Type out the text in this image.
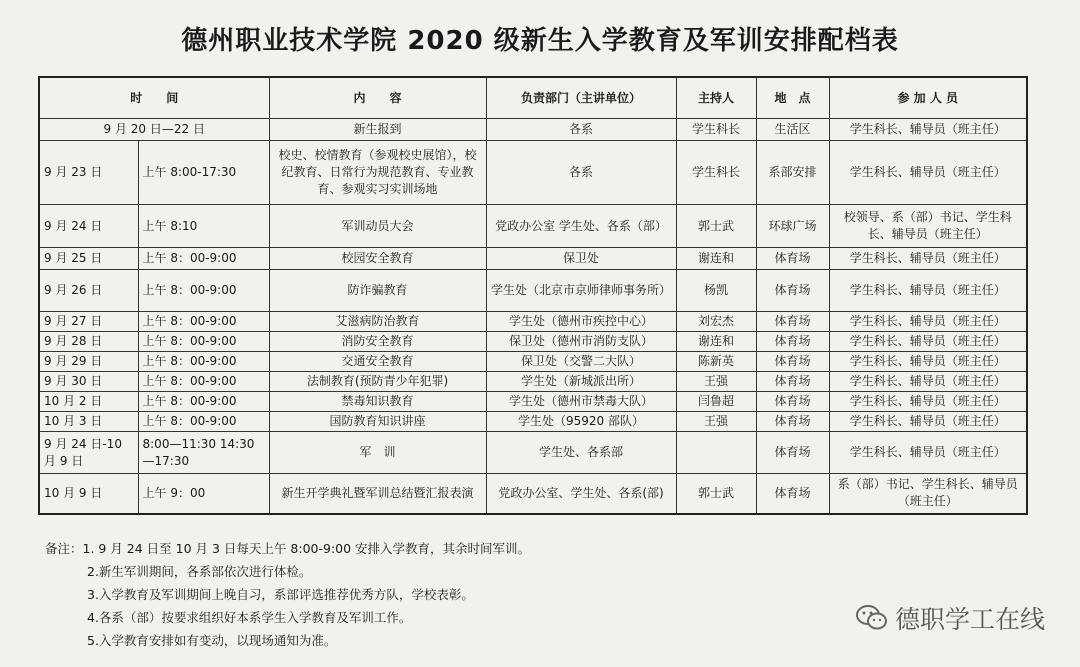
德州职业技术学院 2020 级新生入学教育及军训安排配档表
时　　间		内　　容	负责部门（主讲单位）	主持人	地　点	参 加 人 员
9 月 20 日—22 日		新生报到	各系	学生科长	生活区	学生科长、辅导员（班主任）
9 月 23 日	上午 8:00-17:30	校史、校情教育（参观校史展馆），校纪教育、日常行为规范教育、专业教育、参观实习实训场地	各系	学生科长	系部安排	学生科长、辅导员（班主任）
9 月 24 日	上午 8:10	军训动员大会	党政办公室 学生处、各系（部）	郭士武	环球广场	校领导、系（部）书记、学生科长、辅导员（班主任）
9 月 25 日	上午 8：00-9:00	校园安全教育	保卫处	谢连和	体育场	学生科长、辅导员（班主任）
9 月 26 日	上午 8：00-9:00	防诈骗教育	学生处（北京市京师律师事务所）	杨凯	体育场	学生科长、辅导员（班主任）
9 月 27 日	上午 8：00-9:00	艾滋病防治教育	学生处（德州市疾控中心）	刘宏杰	体育场	学生科长、辅导员（班主任）
9 月 28 日	上午 8：00-9:00	消防安全教育	保卫处（德州市消防支队）	谢连和	体育场	学生科长、辅导员（班主任）
9 月 29 日	上午 8：00-9:00	交通安全教育	保卫处（交警二大队）	陈新英	体育场	学生科长、辅导员（班主任）
9 月 30 日	上午 8：00-9:00	法制教育(预防青少年犯罪)	学生处（新城派出所）	王强	体育场	学生科长、辅导员（班主任）
10 月 2 日	上午 8：00-9:00	禁毒知识教育	学生处（德州市禁毒大队）	闫鲁超	体育场	学生科长、辅导员（班主任）
10 月 3 日	上午 8：00-9:00	国防教育知识讲座	学生处（95920 部队）	王强	体育场	学生科长、辅导员（班主任）
9 月 24 日-10 月 9 日	8:00—11:30 14:30—17:30	军　训	学生处、各系部		体育场	学生科长、辅导员（班主任）
10 月 9 日	上午 9：00	新生开学典礼暨军训总结暨汇报表演	党政办公室、学生处、各系(部)	郭士武	体育场	系（部）书记、学生科长、辅导员（班主任）
备注：1. 9 月 24 日至 10 月 3 日每天上午 8:00-9:00 安排入学教育，其余时间军训。
2.新生军训期间，各系部依次进行体检。
3.入学教育及军训期间上晚自习，系部评选推荐优秀方队，学校表彰。
4.各系（部）按要求组织好本系学生入学教育及军训工作。
5.入学教育安排如有变动，以现场通知为准。
德职学工在线
